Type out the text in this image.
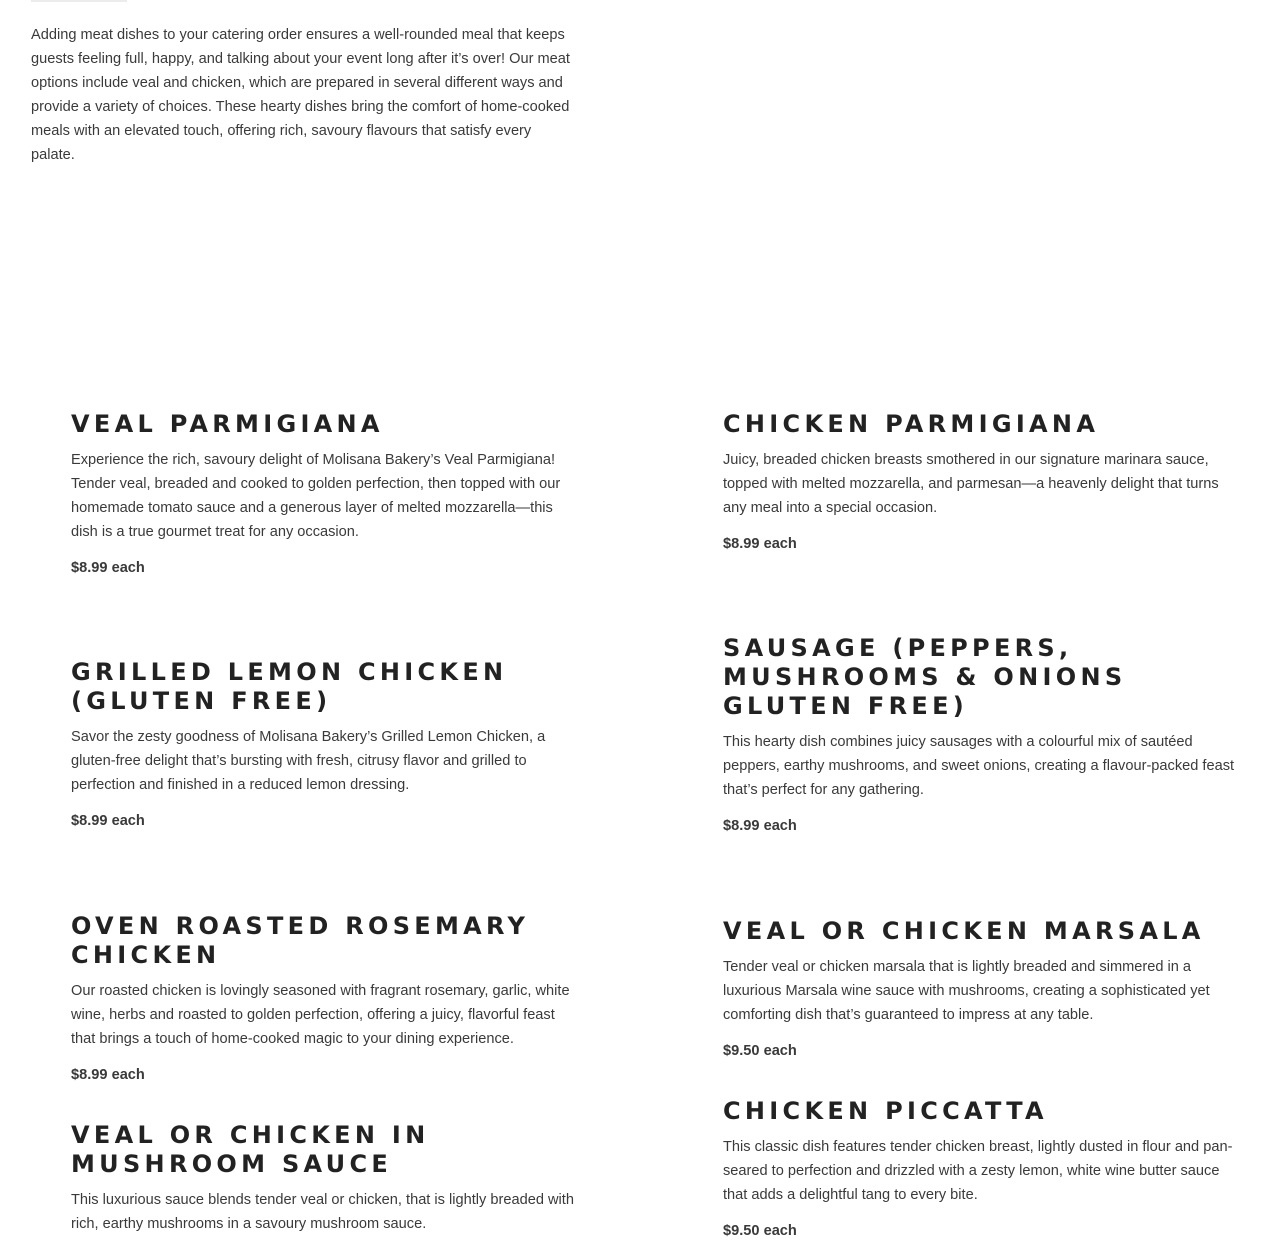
Adding meat dishes to your catering order ensures a well-rounded meal that keeps guests feeling full, happy, and talking about your event long after it’s over! Our meat options include veal and chicken, which are prepared in several different ways and provide a variety of choices. These hearty dishes bring the comfort of home-cooked meals with an elevated touch, offering rich, savoury flavours that satisfy every palate.

VEAL PARMIGIANA

Experience the rich, savoury delight of Molisana Bakery’s Veal Parmigiana! Tender veal, breaded and cooked to golden perfection, then topped with our homemade tomato sauce and a generous layer of melted mozzarella—this dish is a true gourmet treat for any occasion.

$8.99 each

CHICKEN PARMIGIANA

Juicy, breaded chicken breasts smothered in our signature marinara sauce, topped with melted mozzarella, and parmesan—a heavenly delight that turns any meal into a special occasion.

$8.99 each

GRILLED LEMON CHICKEN (GLUTEN FREE)

Savor the zesty goodness of Molisana Bakery’s Grilled Lemon Chicken, a gluten-free delight that’s bursting with fresh, citrusy flavor and grilled to perfection and finished in a reduced lemon dressing.

$8.99 each

SAUSAGE (PEPPERS, MUSHROOMS & ONIONS GLUTEN FREE)

This hearty dish combines juicy sausages with a colourful mix of sautéed peppers, earthy mushrooms, and sweet onions, creating a flavour-packed feast that’s perfect for any gathering.

$8.99 each

OVEN ROASTED ROSEMARY CHICKEN

Our roasted chicken is lovingly seasoned with fragrant rosemary, garlic, white wine, herbs and roasted to golden perfection, offering a juicy, flavorful feast that brings a touch of home-cooked magic to your dining experience.

$8.99 each

VEAL OR CHICKEN MARSALA

Tender veal or chicken marsala that is lightly breaded and simmered in a luxurious Marsala wine sauce with mushrooms, creating a sophisticated yet comforting dish that’s guaranteed to impress at any table.

$9.50 each

VEAL OR CHICKEN IN MUSHROOM SAUCE

This luxurious sauce blends tender veal or chicken, that is lightly breaded with rich, earthy mushrooms in a savoury mushroom sauce.

CHICKEN PICCATTA

This classic dish features tender chicken breast, lightly dusted in flour and pan-seared to perfection and drizzled with a zesty lemon, white wine butter sauce that adds a delightful tang to every bite.

$9.50 each
